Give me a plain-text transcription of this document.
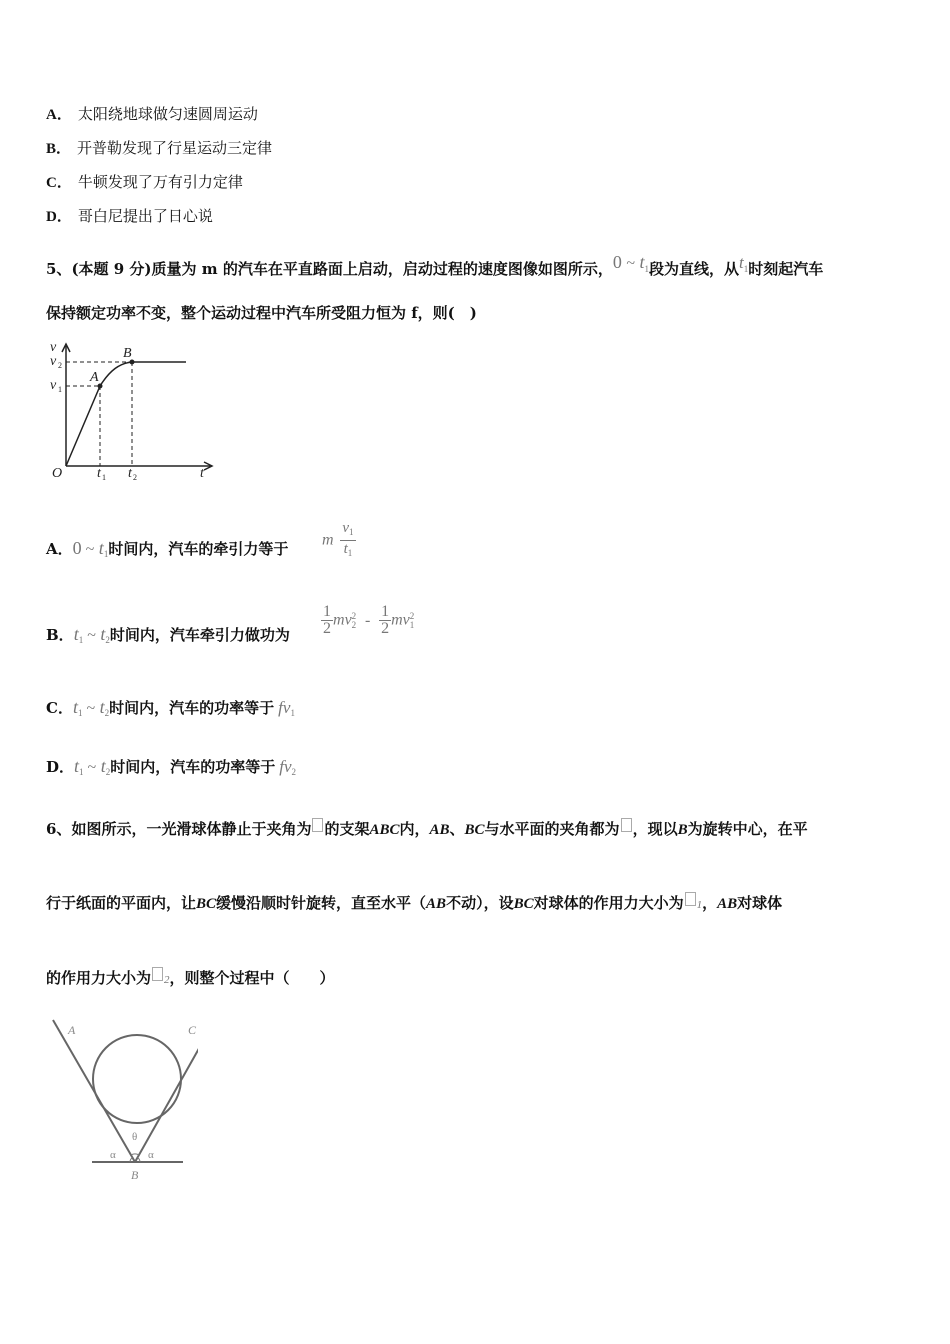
A． 太阳绕地球做匀速圆周运动
B． 开普勒发现了行星运动三定律
C． 牛顿发现了万有引力定律
D． 哥白尼提出了日心说
5、(本题 9 分)质量为 m 的汽车在平直路面上启动，启动过程的速度图像如图所示，0 ~ $t^1$段为直线，从$t^1$时刻起汽车
保持额定功率不变，整个运动过程中汽车所受阻力恒为 f，则(　)
v
v 2
v 1
A
B
O t 1 t 2	t
A．0 ~ $t_1$时间内，汽车的牵引力等于 m $\frac{v_1}{t_1}$
B．$t_1$ ~ $t_2$时间内，汽车牵引力做功为 $\frac{1}{2}$ mv 2
$2 - \frac{1}{2}$ mv 2
1
C．$t_1$ ~ $t_2$时间内，汽车的功率等于 $fv_1$
D．$t_1$ ~ $t_2$时间内，汽车的功率等于 $fv_2$
6、如图所示，一光滑球体静止于夹角为 的支架ABC内，AB、BC与水平面的夹角都为 ，现以B为旋转中心，在平
行于纸面的平面内，让BC缓慢沿顺时针旋转，直至水平（AB不动），设BC对球体的作用力大小为 1，AB对球体
的作用力大小为 2，则整个过程中（　　）
A	C
B
θ
α	α
